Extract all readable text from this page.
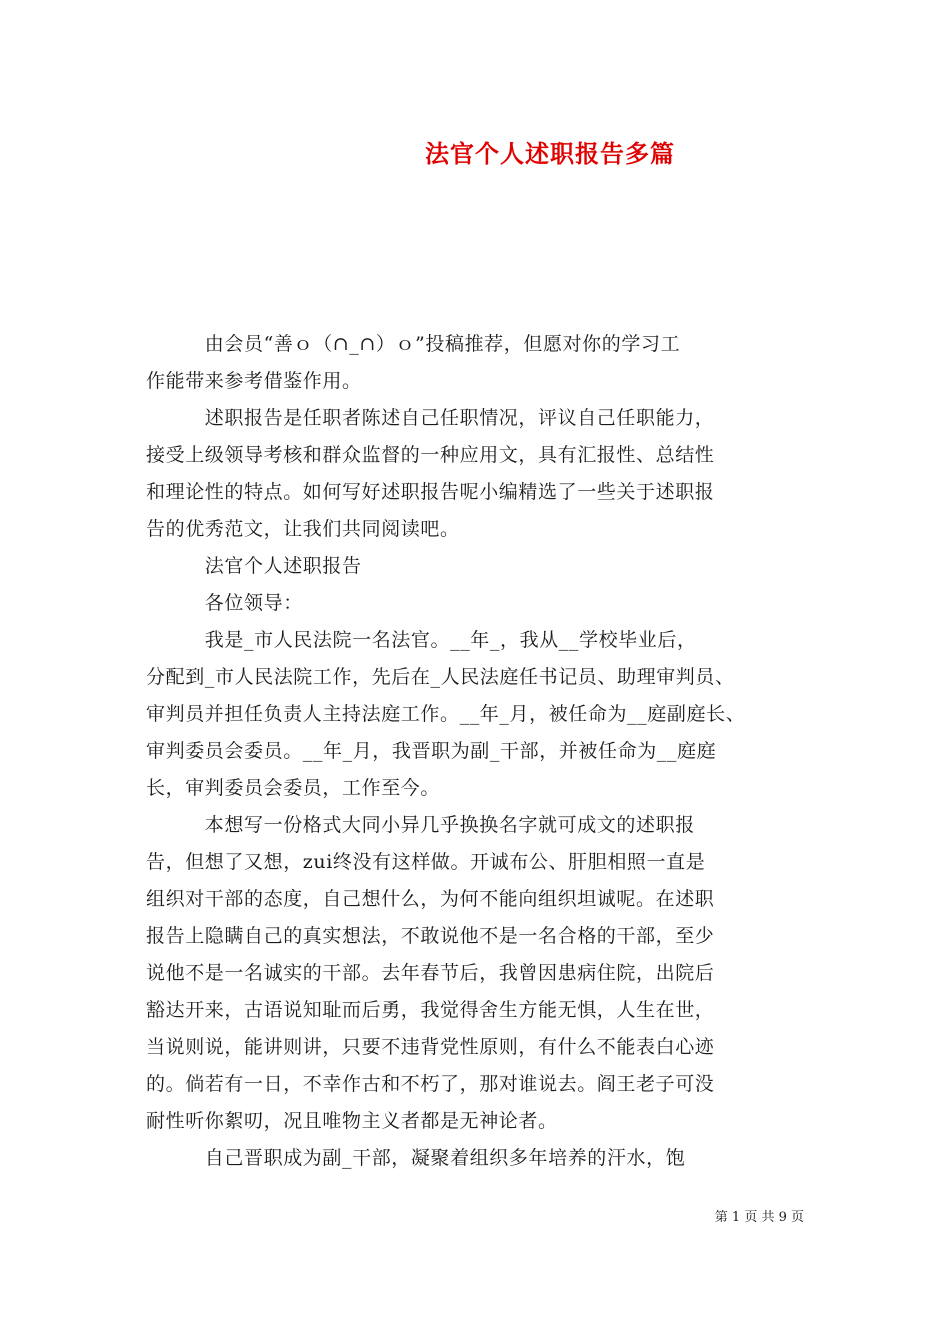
法官个人述职报告多篇
　　　由会员“善ｏ（∩_∩）ｏ”投稿推荐，但愿对你的学习工
作能带来参考借鉴作用。
　　　述职报告是任职者陈述自己任职情况，评议自己任职能力，
接受上级领导考核和群众监督的一种应用文，具有汇报性、总结性
和理论性的特点。如何写好述职报告呢小编精选了一些关于述职报
告的优秀范文，让我们共同阅读吧。
　　　法官个人述职报告
　　　各位领导：
　　　我是_市人民法院一名法官。__年_，我从__学校毕业后，
分配到_市人民法院工作，先后在_人民法庭任书记员、助理审判员、
审判员并担任负责人主持法庭工作。__年_月，被任命为__庭副庭长、
审判委员会委员。__年_月，我晋职为副_干部，并被任命为__庭庭
长，审判委员会委员，工作至今。
　　　本想写一份格式大同小异几乎换换名字就可成文的述职报
告，但想了又想，zui终没有这样做。开诚布公、肝胆相照一直是
组织对干部的态度，自己想什么，为何不能向组织坦诚呢。在述职
报告上隐瞒自己的真实想法，不敢说他不是一名合格的干部，至少
说他不是一名诚实的干部。去年春节后，我曾因患病住院，出院后
豁达开来，古语说知耻而后勇，我觉得舍生方能无惧，人生在世，
当说则说，能讲则讲，只要不违背党性原则，有什么不能表白心迹
的。倘若有一日，不幸作古和不朽了，那对谁说去。阎王老子可没
耐性听你絮叨，况且唯物主义者都是无神论者。
　　　自己晋职成为副_干部，凝聚着组织多年培养的汗水，饱
第 1 页 共 9 页
